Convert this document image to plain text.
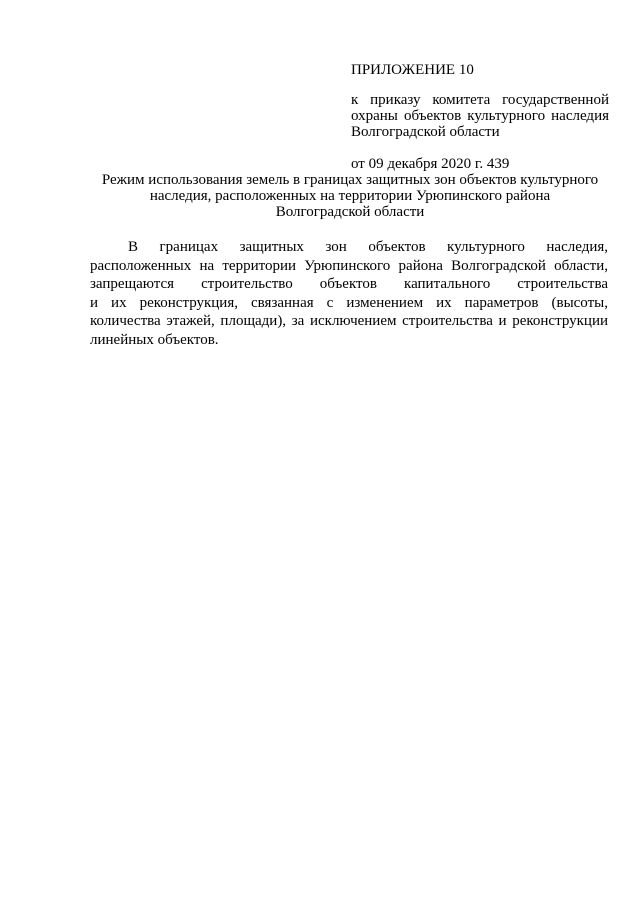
ПРИЛОЖЕНИЕ 10

к приказу комитета государственной
охраны объектов культурного наследия
Волгоградской области

от 09 декабря 2020 г. 439

Режим использования земель в границах защитных зон объектов культурного
наследия, расположенных на территории Урюпинского района
Волгоградской области
В границах защитных зон объектов культурного наследия,
расположенных на территории Урюпинского района Волгоградской области,
запрещаются строительство объектов капитального строительства
и их реконструкция, связанная с изменением их параметров (высоты,
количества этажей, площади), за исключением строительства и реконструкции
линейных объектов.
